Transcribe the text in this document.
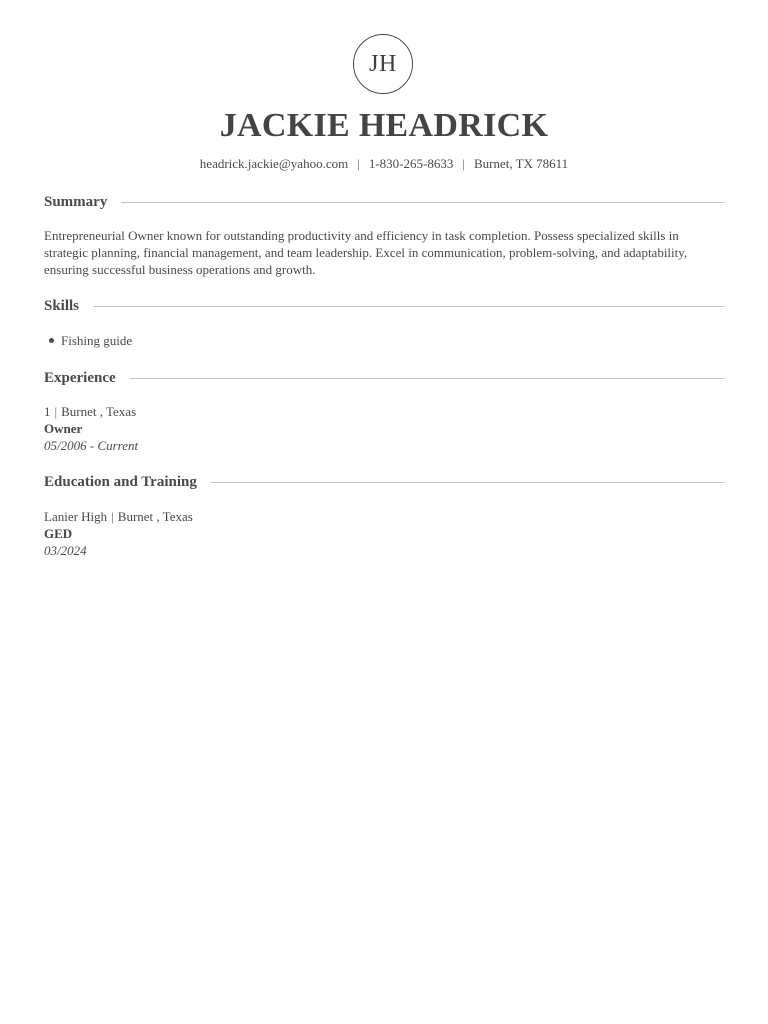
JH
JACKIE HEADRICK
headrick.jackie@yahoo.com | 1-830-265-8633 | Burnet, TX 78611
Summary
Entrepreneurial Owner known for outstanding productivity and efficiency in task completion. Possess specialized skills in strategic planning, financial management, and team leadership. Excel in communication, problem-solving, and adaptability, ensuring successful business operations and growth.
Skills
Fishing guide
Experience
1 | Burnet , Texas
Owner
05/2006 - Current
Education and Training
Lanier High | Burnet , Texas
GED
03/2024
